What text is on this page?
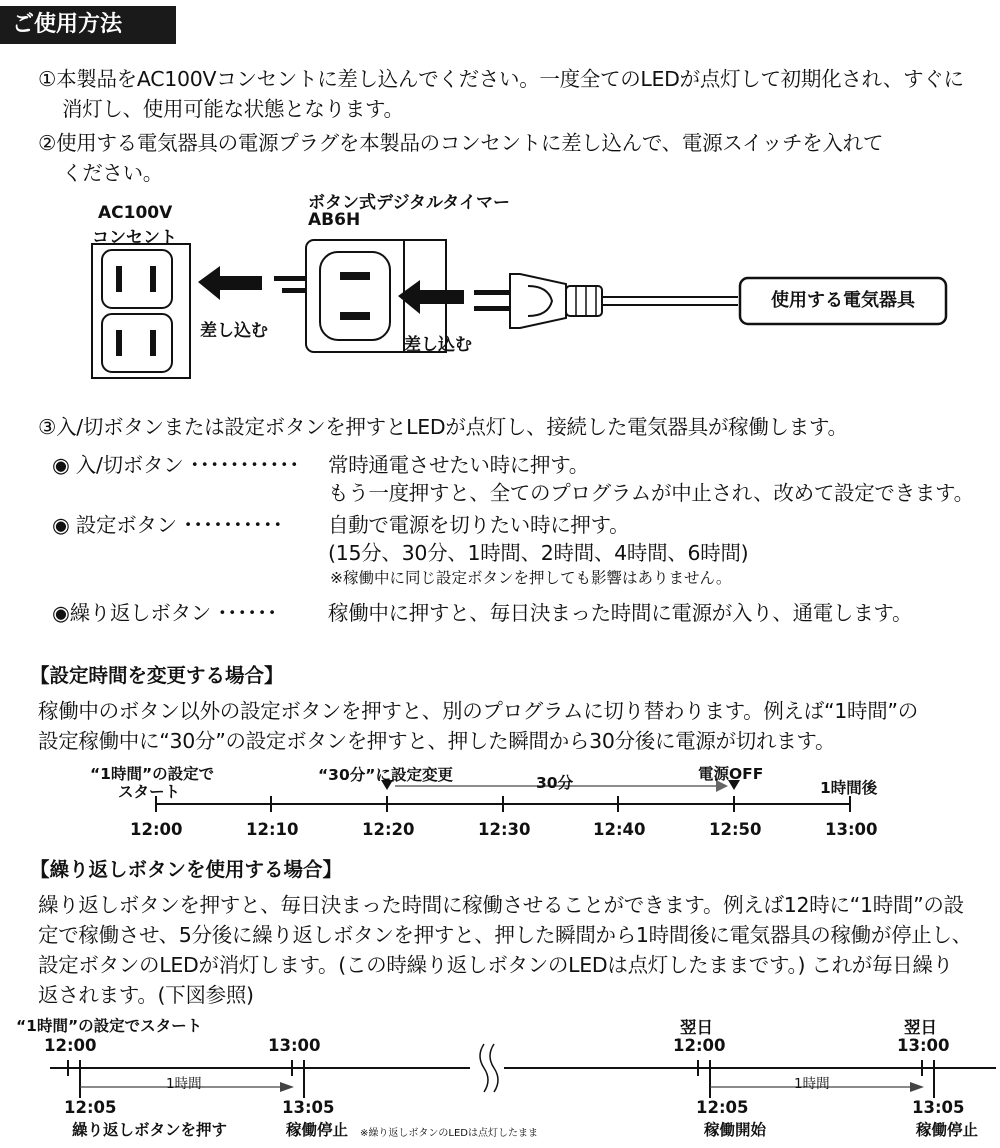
ご使用方法
①本製品をAC100Vコンセントに差し込んでください。一度全てのLEDが点灯して初期化され、すぐに
消灯し、使用可能な状態となります。
②使用する電気器具の電源プラグを本製品のコンセントに差し込んで、電源スイッチを入れて
ください。
AC100V
コンセント
ボタン式デジタルタイマー
AB6H
差し込む
差し込む
使用する電気器具
③入/切ボタンまたは設定ボタンを押すとLEDが点灯し、接続した電気器具が稼働します。
◉ 入/切ボタン ･･･････････ 常時通電させたい時に押す。
もう一度押すと、全てのプログラムが中止され、改めて設定できます。
◉ 設定ボタン ･･････････ 自動で電源を切りたい時に押す。
(15分、30分、1時間、2時間、4時間、6時間)
※稼働中に同じ設定ボタンを押しても影響はありません。
◉繰り返しボタン ･･････ 稼働中に押すと、毎日決まった時間に電源が入り、通電します。
【設定時間を変更する場合】
稼働中のボタン以外の設定ボタンを押すと、別のプログラムに切り替わります。例えば“1時間”の
設定稼働中に“30分”の設定ボタンを押すと、押した瞬間から30分後に電源が切れます。
“1時間”の設定で
スタート
“30分”に設定変更	30分	電源OFF
1時間後
12:00	12:10	12:20	12:30	12:40	12:50	13:00
【繰り返しボタンを使用する場合】
繰り返しボタンを押すと、毎日決まった時間に稼働させることができます。例えば12時に“1時間”の設
定で稼働させ、5分後に繰り返しボタンを押すと、押した瞬間から1時間後に電気器具の稼働が停止し、
設定ボタンのLEDが消灯します。(この時繰り返しボタンのLEDは点灯したままです。) これが毎日繰り
返されます。(下図参照)
“1時間”の設定でスタート
12:00	13:00
翌日
12:00
翌日
13:00
1時間	1時間
12:05
繰り返しボタンを押す
13:05
稼働停止 ※繰り返しボタンのLEDは点灯したまま
12:05
稼働開始
13:05
稼働停止
